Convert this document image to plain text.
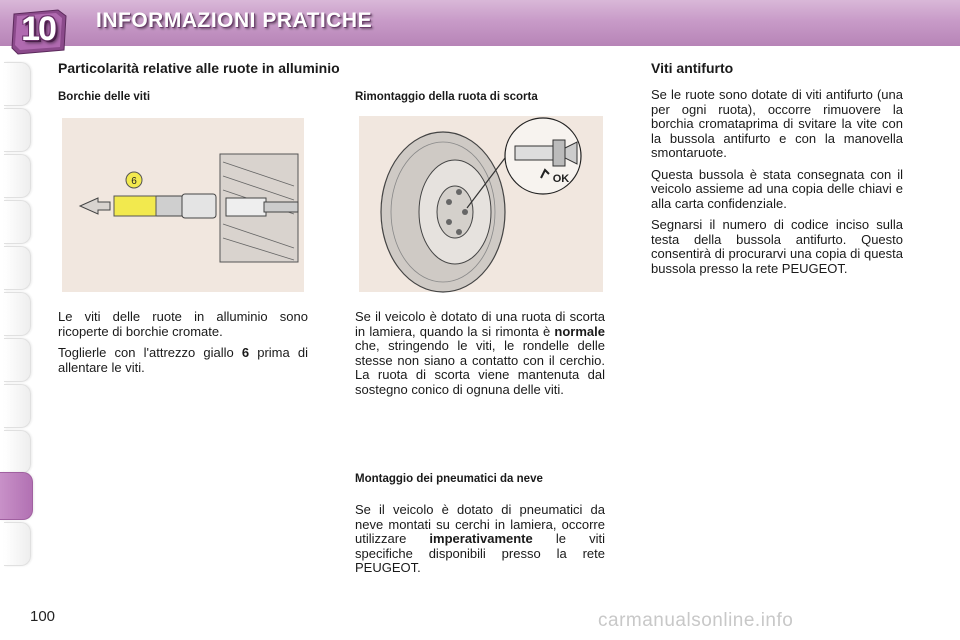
10	INFORMAZIONI PRATICHE
Particolarità relative alle ruote in alluminio
Borchie delle viti
6

Le viti delle ruote in alluminio sono ricoperte di borchie cromate.

Toglierle con l'attrezzo giallo 6 prima di allentare le viti.

Rimontaggio della ruota di scorta
OK

Se il veicolo è dotato di una ruota di scorta in lamiera, quando la si rimonta è normale che, stringendo le viti, le rondelle delle stesse non siano a contatto con il cerchio. La ruota di scorta viene mantenuta dal sostegno conico di ognuna delle viti.

Montaggio dei pneumatici da neve

Se il veicolo è dotato di pneumatici da neve montati su cerchi in lamiera, occorre utilizzare imperativamente le viti specifiche disponibili presso la rete PEUGEOT.

Viti antifurto

Se le ruote sono dotate di viti antifurto (una per ogni ruota), occorre rimuovere la borchia cromataprima di svitare la vite con la bussola antifurto e con la manovella smontaruote.

Questa bussola è stata consegnata con il veicolo assieme ad una copia delle chiavi e alla carta confidenziale.

Segnarsi il numero di codice inciso sulla testa della bussola antifurto. Questo consentirà di procurarvi una copia di questa bussola presso la rete PEUGEOT.

100	carmanualsonline.info
